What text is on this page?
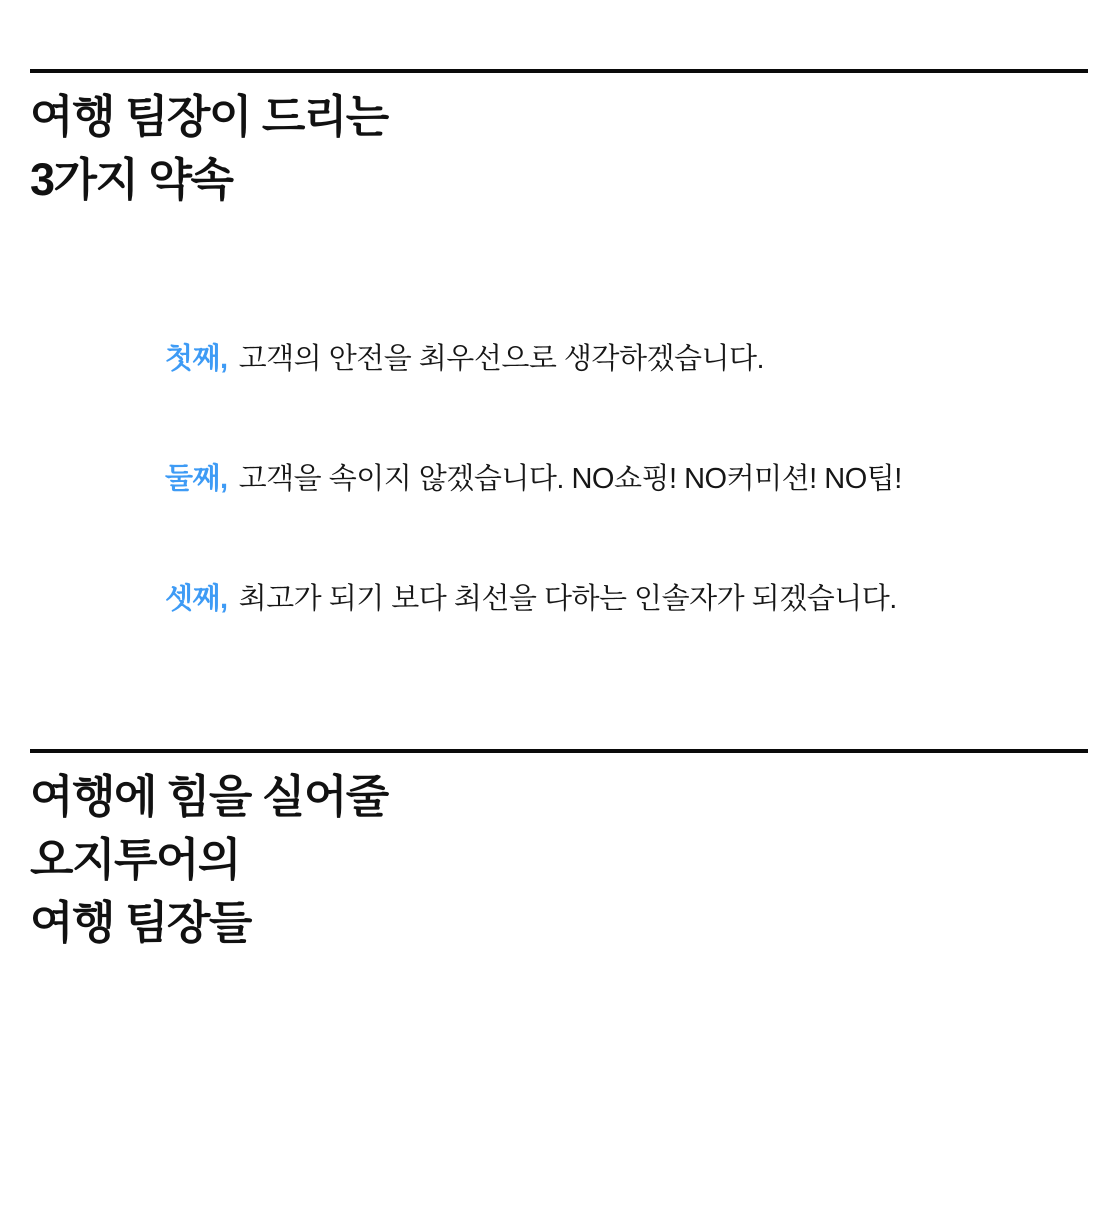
여행 팀장이 드리는
3가지 약속
첫째, 고객의 안전을 최우선으로 생각하겠습니다.
둘째, 고객을 속이지 않겠습니다. NO쇼핑! NO커미션! NO팁!
셋째, 최고가 되기 보다 최선을 다하는 인솔자가 되겠습니다.
여행에 힘을 실어줄
오지투어의
여행 팀장들
